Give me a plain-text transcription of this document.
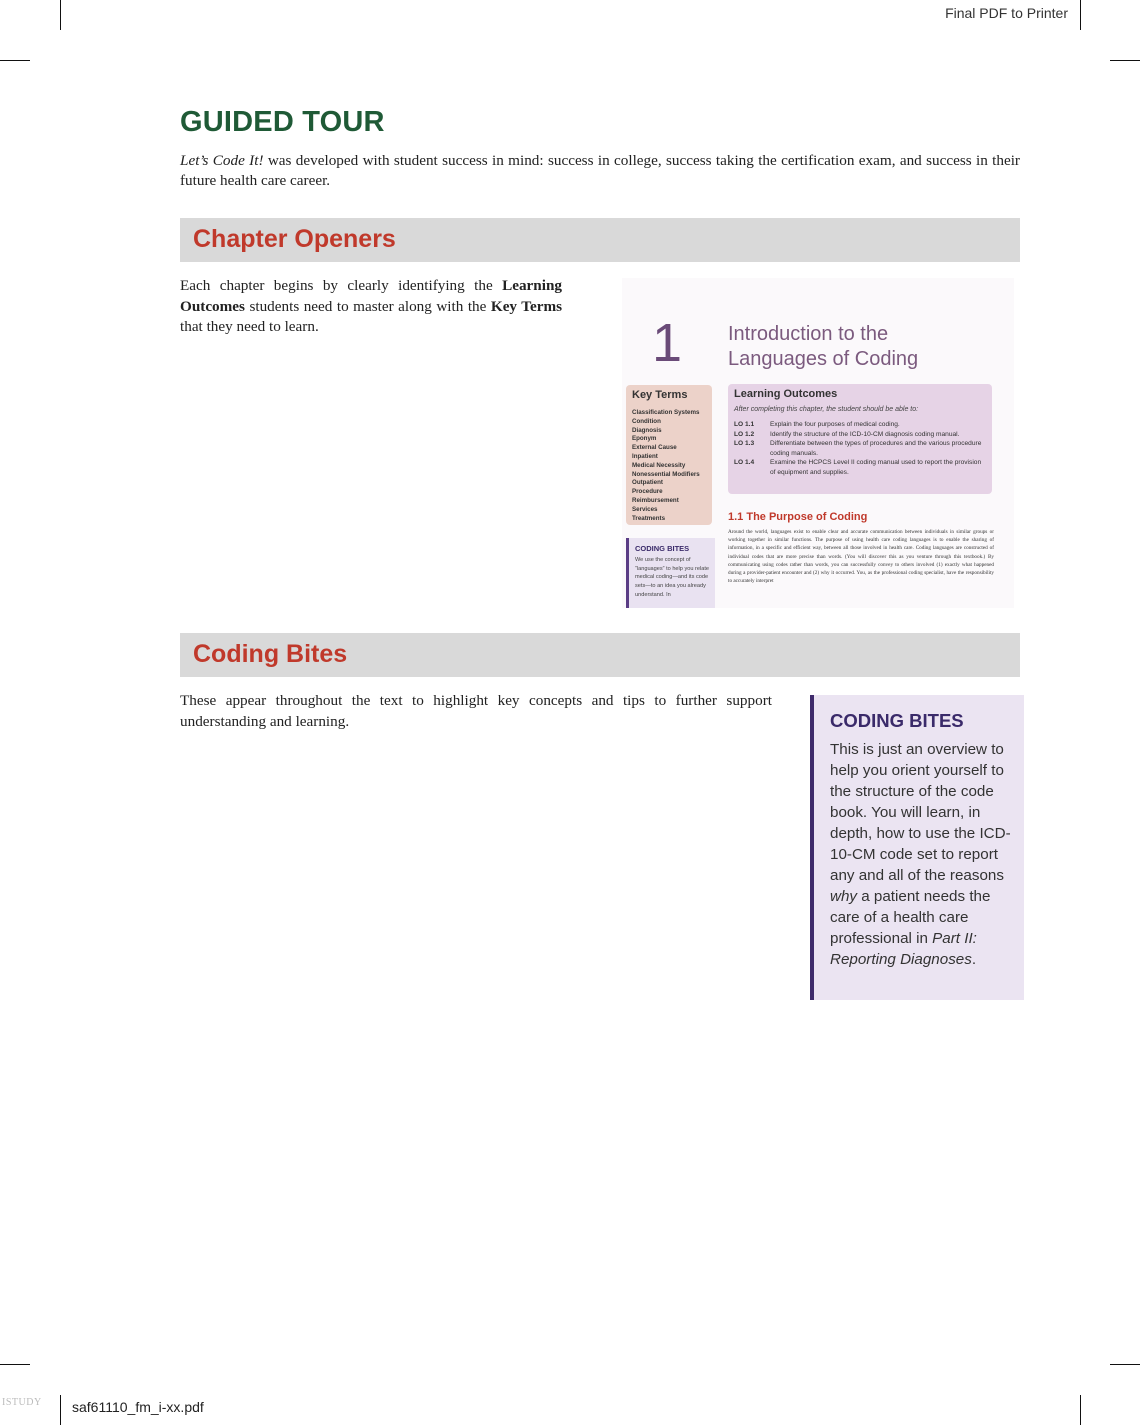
Final PDF to Printer
GUIDED TOUR
Let’s Code It! was developed with student success in mind: success in college, success taking the certification exam, and success in their future health care career.
Chapter Openers
Each chapter begins by clearly identifying the Learning Outcomes students need to master along with the Key Terms that they need to learn.	1 Introduction to the
Languages of Coding
Key Terms
Classification Systems
Condition
Diagnosis
Eponym
External Cause
Inpatient
Medical Necessity
Nonessential Modifiers
Outpatient
Procedure
Reimbursement
Services
Treatments
Learning Outcomes
After completing this chapter, the student should be able to:
LO 1.1	Explain the four purposes of medical coding.
LO 1.2	Identify the structure of the ICD-10-CM diagnosis coding manual.
LO 1.3	Differentiate between the types of procedures and the various procedure coding manuals.
LO 1.4	Examine the HCPCS Level II coding manual used to report the provision of equipment and supplies.
1.1 The Purpose of Coding
Around the world, languages exist to enable clear and accurate communication between individuals in similar groups or working together in similar functions. The purpose of using health care coding languages is to enable the sharing of information, in a specific and efficient way, between all those involved in health care. Coding languages are constructed of individual codes that are more precise than words. (You will discover this as you venture through this textbook.) By communicating using codes rather than words, you can successfully convey to others involved (1) exactly what happened during a provider-patient encounter and (2) why it occurred. You, as the professional coding specialist, have the responsibility to accurately interpret
CODING BITES
We use the concept of “languages” to help you relate medical coding—and its code sets—to an idea you already understand. In
Coding Bites
These appear throughout the text to highlight key concepts and tips to further support understanding and learning.	CODING BITES
This is just an overview to help you orient yourself to the structure of the code book. You will learn, in depth, how to use the ICD-10-CM code set to report any and all of the reasons why a patient needs the care of a health care professional in Part II: Reporting Diagnoses.
ISTUDY saf61110_fm_i-xx.pdf
